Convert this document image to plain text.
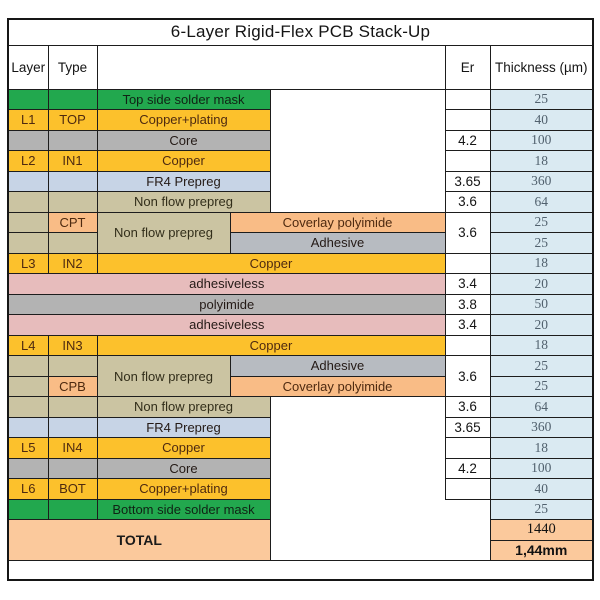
6-Layer Rigid-Flex PCB Stack-Up						
Layer	Type				Er	Thickness (µm)
		Top side solder mask				25
L1	TOP	Copper+plating				40
		Core			4.2	100
L2	IN1	Copper				18
		FR4 Prepreg			3.65	360
		Non flow prepreg			3.6	64
	CPT	Non flow prepreg	Coverlay polyimide		3.6	25
			Adhesive			25
L3	IN2	Copper				18
adhesiveless					3.4	20
polyimide					3.8	50
adhesiveless					3.4	20
L4	IN3	Copper				18
		Non flow prepreg	Adhesive		3.6	25
	CPB		Coverlay polyimide			25
		Non flow prepreg			3.6	64
		FR4 Prepreg			3.65	360
L5	IN4	Copper				18
		Core			4.2	100
L6	BOT	Copper+plating				40
		Bottom side solder mask				25
TOTAL						1440
						1,44mm
